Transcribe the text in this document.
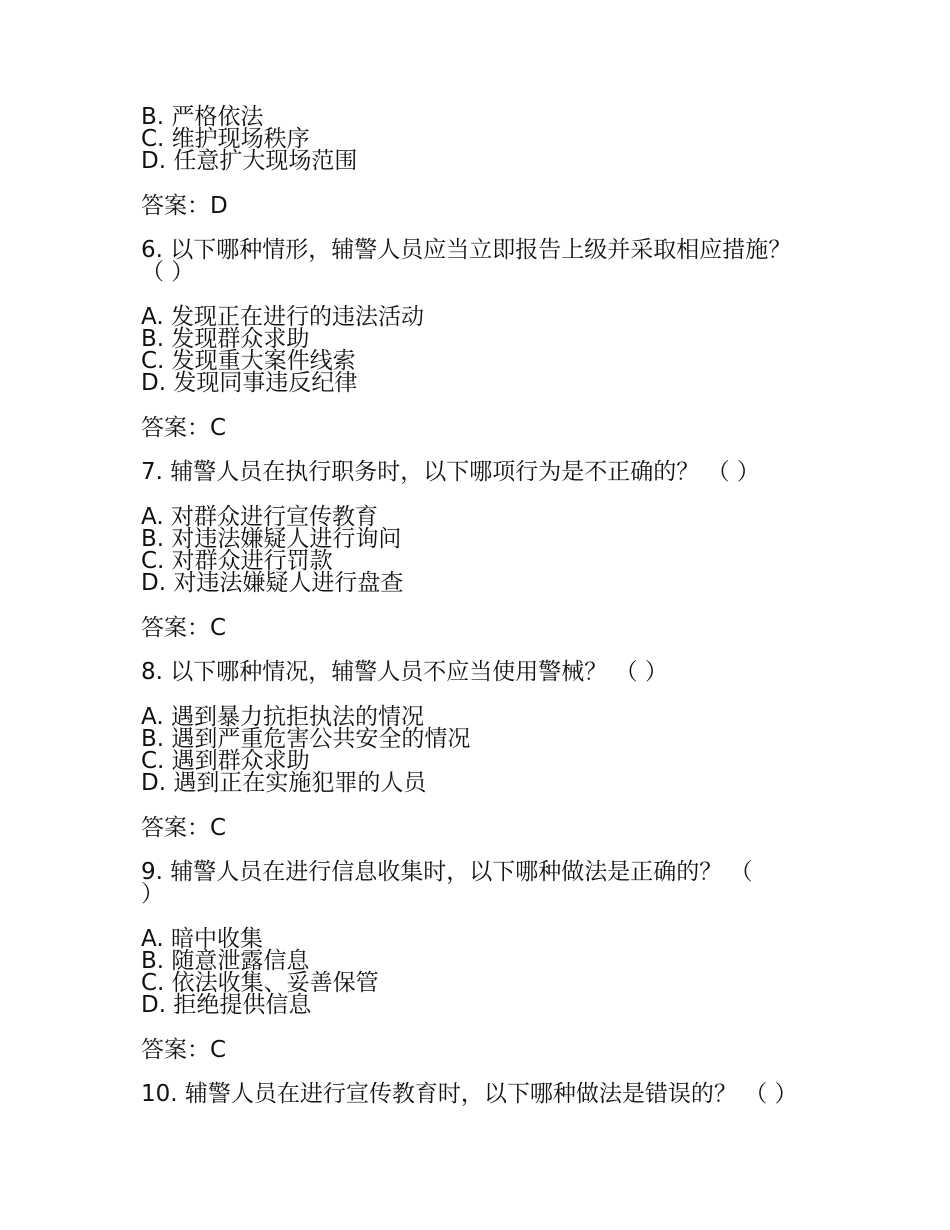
B. 严格依法
C. 维护现场秩序
D. 任意扩大现场范围
答案：D
6. 以下哪种情形，辅警人员应当立即报告上级并采取相应措施？ （ ）
A. 发现正在进行的违法活动
B. 发现群众求助
C. 发现重大案件线索
D. 发现同事违反纪律
答案：C
7. 辅警人员在执行职务时，以下哪项行为是不正确的？ （ ）
A. 对群众进行宣传教育
B. 对违法嫌疑人进行询问
C. 对群众进行罚款
D. 对违法嫌疑人进行盘查
答案：C
8. 以下哪种情况，辅警人员不应当使用警械？ （ ）
A. 遇到暴力抗拒执法的情况
B. 遇到严重危害公共安全的情况
C. 遇到群众求助
D. 遇到正在实施犯罪的人员
答案：C
9. 辅警人员在进行信息收集时，以下哪种做法是正确的？ （ ）
A. 暗中收集
B. 随意泄露信息
C. 依法收集、妥善保管
D. 拒绝提供信息
答案：C
10. 辅警人员在进行宣传教育时，以下哪种做法是错误的？ （ ）
